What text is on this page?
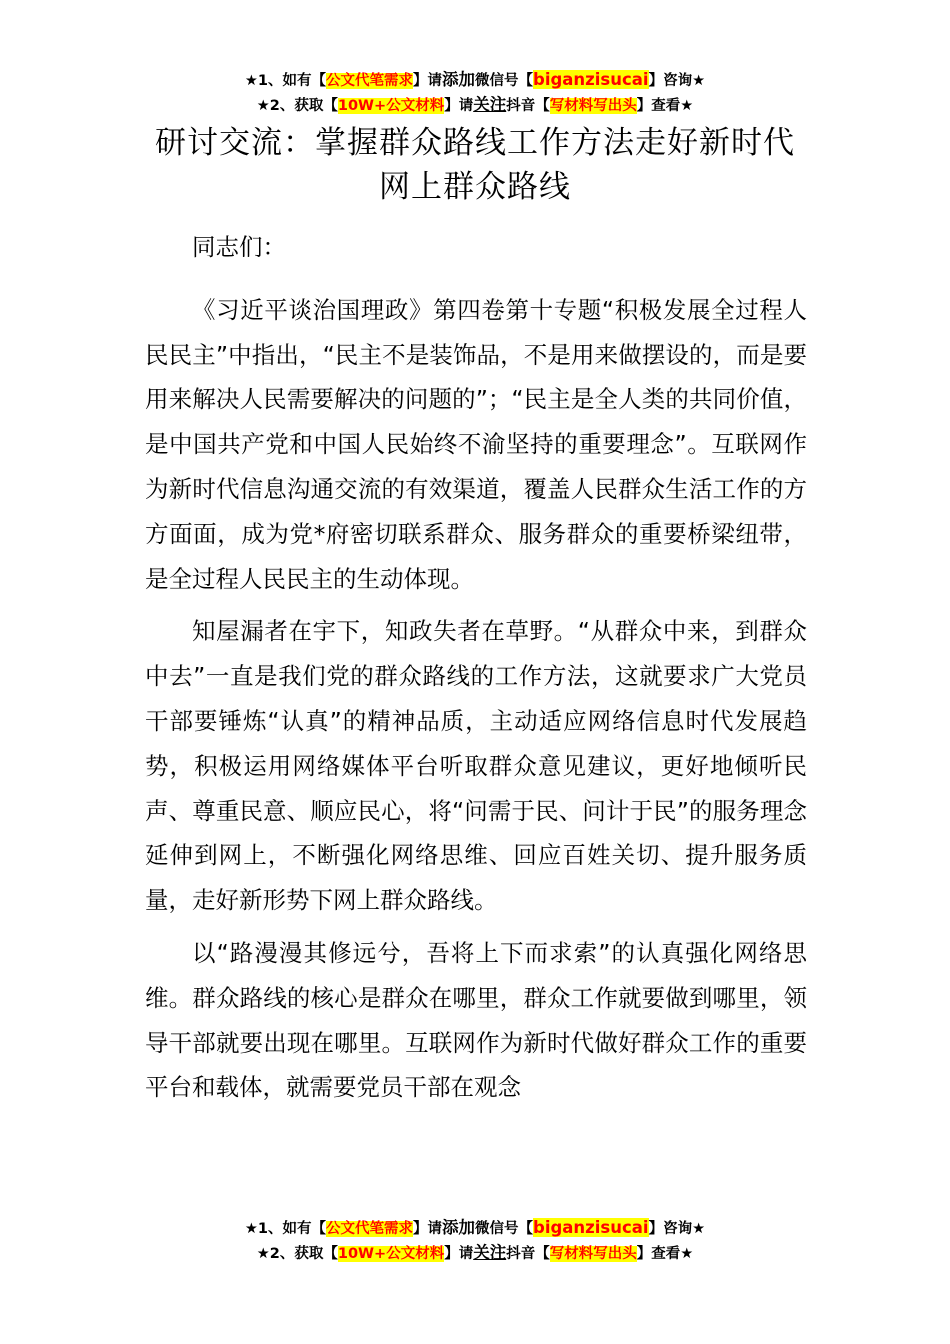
★1、如有【公文代笔需求】请添加微信号【biganzisucai】咨询★
★2、获取【10W+公文材料】请关注抖音【写材料写出头】查看★
研讨交流：掌握群众路线工作方法走好新时代网上群众路线

同志们：

《习近平谈治国理政》第四卷第十专题“积极发展全过程人民民主”中指出，“民主不是装饰品，不是用来做摆设的，而是要用来解决人民需要解决的问题的”；“民主是全人类的共同价值，是中国共产党和中国人民始终不渝坚持的重要理念”。互联网作为新时代信息沟通交流的有效渠道，覆盖人民群众生活工作的方方面面，成为党*府密切联系群众、服务群众的重要桥梁纽带，是全过程人民民主的生动体现。

知屋漏者在宇下，知政失者在草野。“从群众中来，到群众中去”一直是我们党的群众路线的工作方法，这就要求广大党员干部要锤炼“认真”的精神品质，主动适应网络信息时代发展趋势，积极运用网络媒体平台听取群众意见建议，更好地倾听民声、尊重民意、顺应民心，将“问需于民、问计于民”的服务理念延伸到网上，不断强化网络思维、回应百姓关切、提升服务质量，走好新形势下网上群众路线。

以“路漫漫其修远兮，吾将上下而求索”的认真强化网络思维。群众路线的核心是群众在哪里，群众工作就要做到哪里，领导干部就要出现在哪里。互联网作为新时代做好群众工作的重要平台和载体，就需要党员干部在观念

★1、如有【公文代笔需求】请添加微信号【biganzisucai】咨询★
★2、获取【10W+公文材料】请关注抖音【写材料写出头】查看★
